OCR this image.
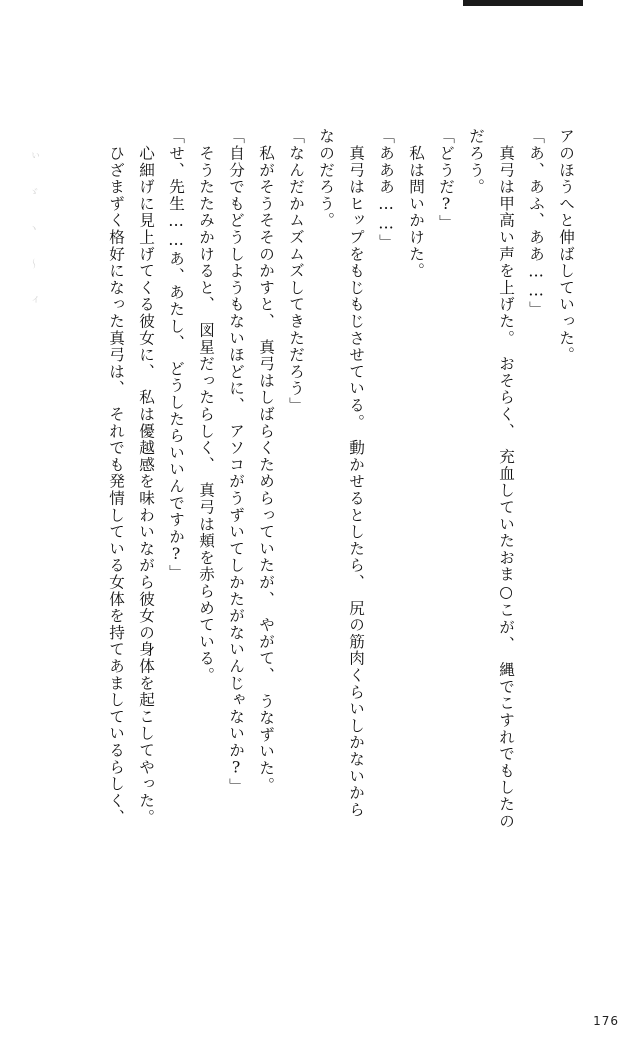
ぃ ゞ ヽ ～ ィ	アのほうへと伸ばしていった。
「あ、あふ、ああ……」
　真弓は甲高い声を上げた。　おそらく、　充血していたおま○こが、　縄でこすれでもしたの
だろう。
「どうだ?」
　私は問いかけた。
「あああ……」
　真弓はヒップをもじもじさせている。　動かせるとしたら、　尻の筋肉くらいしかないから
なのだろう。
「なんだかムズムズしてきただろう」
　私がそうそそのかすと、　真弓はしばらくためらっていたが、　やがて、　うなずいた。
「自分でもどうしようもないほどに、　アソコがうずいてしかたがないんじゃないか?」
　そうたたみかけると、　図星だったらしく、　真弓は頬を赤らめている。
「せ、先生……あ、あたし、　どうしたらいいんですか?」
　心細げに見上げてくる彼女に、　私は優越感を味わいながら彼女の身体を起こしてやった。
　ひざまずく格好になった真弓は、　それでも発情している女体を持てあましているらしく、
176
